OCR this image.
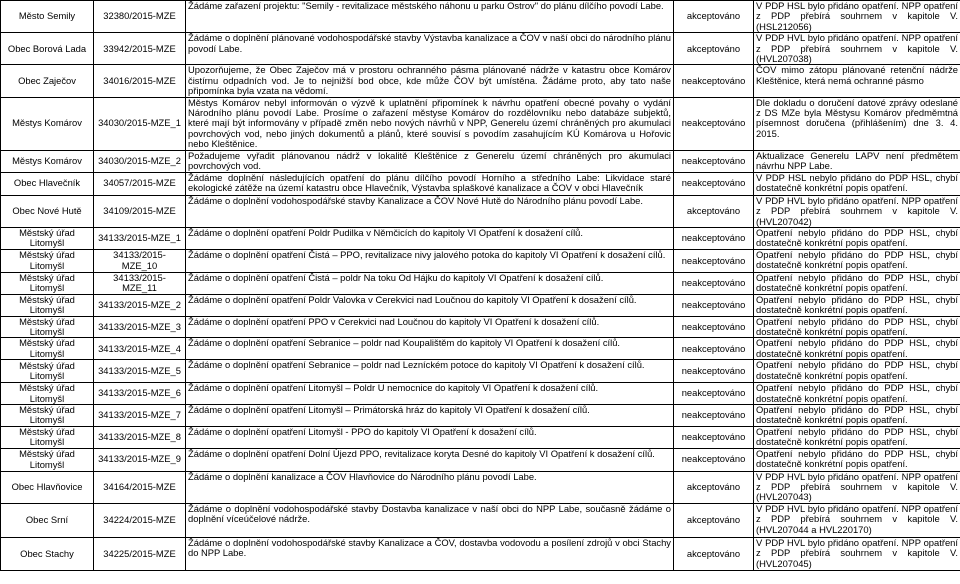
Město Semily	32380/2015-MZE	Žádáme zařazení projektu: "Semily - revitalizace městského náhonu u parku Ostrov" do plánu dílčího povodí Labe.	akceptováno	V PDP HSL bylo přidáno opatření. NPP opatření z PDP přebírá souhrnem v kapitole V. (HSL212056)

Obec Borová Lada	33942/2015-MZE	Žádáme o doplnění plánované vodohospodářské stavby Výstavba kanalizace a ČOV v naší obci do národního plánu povodí Labe.	akceptováno	V PDP HVL bylo přidáno opatření. NPP opatření z PDP přebírá souhrnem v kapitole V. (HVL207038)

Obec Zaječov	34016/2015-MZE	Upozorňujeme, že Obec Zaječov má v prostoru ochranného pásma plánované nádrže v katastru obce Komárov čistírnu odpadních vod. Je to nejnižší bod obce, kde může ČOV být umístěna. Žádáme proto, aby tato naše připomínka byla vzata na vědomí.	neakceptováno	ČOV mimo zátopu plánované retenční nádrže Kleštěnice, která nemá ochranné pásmo

Městys Komárov	34030/2015-MZE_1	Městys Komárov nebyl informován o výzvě k uplatnění připomínek k návrhu opatření obecné povahy o vydání Národního plánu povodí Labe. Prosíme o zařazení městyse Komárov do rozdělovníku nebo databáze subjektů, které mají být informovány v případě změn nebo nových návrhů v NPP, Generelu území chráněných pro akumulaci povrchových vod, nebo jiných dokumentů a plánů, které souvisí s povodím zasahujícím KÚ Komárova u Hořovic nebo Kleštěnice.	neakceptováno	Dle dokladu o doručení datové zprávy odeslané z DS MZe byla Městysu Komárov předměmtná písemnost doručena (přihlášením) dne 3. 4. 2015.

Městys Komárov	34030/2015-MZE_2	Požadujeme vyřadit plánovanou nádrž v lokalitě Kleštěnice z Generelu území chráněných pro akumulaci povrchových vod.	neakceptováno	Aktualizace Generelu LAPV není předmětem návrhu NPP Labe.

Obec Hlavečník	34057/2015-MZE	Žádáme doplnění následujících opatření do plánu dílčího povodí Horního a středního Labe: Likvidace staré ekologické zátěže na území katastru obce Hlavečník, Výstavba splaškové kanalizace a ČOV v obci Hlavečník	neakceptováno	V PDP HSL nebylo přidáno do PDP HSL, chybí dostatečně konkrétní popis opatření.

Obec Nové Hutě	34109/2015-MZE	Žádáme o doplnění vodohospodářské stavby Kanalizace a ČOV Nové Hutě do Národního plánu povodí Labe.	akceptováno	V PDP HVL bylo přidáno opatření. NPP opatření z PDP přebírá souhrnem v kapitole V. (HVL207042)

Městský úřad Litomyšl	34133/2015-MZE_1	Žádáme o doplnění opatření Poldr Pudilka v Němčicích do kapitoly VI Opatření k dosažení cílů.	neakceptováno	Opatření nebylo přidáno do PDP HSL, chybí dostatečně konkrétní popis opatření.

Městský úřad Litomyšl	34133/2015-MZE_10	Žádáme o doplnění opatření Čistá – PPO, revitalizace nivy jalového potoka do kapitoly VI Opatření k dosažení cílů.	neakceptováno	Opatření nebylo přidáno do PDP HSL, chybí dostatečně konkrétní popis opatření.

Městský úřad Litomyšl	34133/2015-MZE_11	Žádáme o doplnění opatření Čistá – poldr Na toku Od Hájku do kapitoly VI Opatření k dosažení cílů.	neakceptováno	Opatření nebylo přidáno do PDP HSL, chybí dostatečně konkrétní popis opatření.

Městský úřad Litomyšl	34133/2015-MZE_2	Žádáme o doplnění opatření Poldr Valovka v Cerekvici nad Loučnou do kapitoly VI Opatření k dosažení cílů.	neakceptováno	Opatření nebylo přidáno do PDP HSL, chybí dostatečně konkrétní popis opatření.

Městský úřad Litomyšl	34133/2015-MZE_3	Žádáme o doplnění opatření PPO v Cerekvici nad Loučnou do kapitoly VI Opatření k dosažení cílů.	neakceptováno	Opatření nebylo přidáno do PDP HSL, chybí dostatečně konkrétní popis opatření.

Městský úřad Litomyšl	34133/2015-MZE_4	Žádáme o doplnění opatření Sebranice – poldr nad Koupalištěm do kapitoly VI Opatření k dosažení cílů.	neakceptováno	Opatření nebylo přidáno do PDP HSL, chybí dostatečně konkrétní popis opatření.

Městský úřad Litomyšl	34133/2015-MZE_5	Žádáme o doplnění opatření Sebranice – poldr nad Lezníckém potoce do kapitoly VI Opatření k dosažení cílů.	neakceptováno	Opatření nebylo přidáno do PDP HSL, chybí dostatečně konkrétní popis opatření.

Městský úřad Litomyšl	34133/2015-MZE_6	Žádáme o doplnění opatření Litomyšl – Poldr U nemocnice do kapitoly VI Opatření k dosažení cílů.	neakceptováno	Opatření nebylo přidáno do PDP HSL, chybí dostatečně konkrétní popis opatření.

Městský úřad Litomyšl	34133/2015-MZE_7	Žádáme o doplnění opatření Litomyšl – Primátorská hráz do kapitoly VI Opatření k dosažení cílů.	neakceptováno	Opatření nebylo přidáno do PDP HSL, chybí dostatečně konkrétní popis opatření.

Městský úřad Litomyšl	34133/2015-MZE_8	Žádáme o doplnění opatření Litomyšl - PPO do kapitoly VI Opatření k dosažení cílů.	neakceptováno	Opatření nebylo přidáno do PDP HSL, chybí dostatečně konkrétní popis opatření.

Městský úřad Litomyšl	34133/2015-MZE_9	Žádáme o doplnění opatření Dolní Újezd PPO, revitalizace koryta Desné do kapitoly VI Opatření k dosažení cílů.	neakceptováno	Opatření nebylo přidáno do PDP HSL, chybí dostatečně konkrétní popis opatření.

Obec Hlavňovice	34164/2015-MZE	Žádáme o doplnění kanalizace a ČOV Hlavňovice do Národního plánu povodí Labe.	akceptováno	V PDP HVL bylo přidáno opatření. NPP opatření z PDP přebírá souhrnem v kapitole V. (HVL207043)

Obec Srní	34224/2015-MZE	Žádáme o doplnění vodohospodářské stavby Dostavba kanalizace v naší obci do NPP Labe, současně žádáme o doplnění víceúčelové nádrže.	akceptováno	V PDP HVL bylo přidáno opatření. NPP opatření z PDP přebírá souhrnem v kapitole V. (HVL207044 a HVL220170)

Obec Stachy	34225/2015-MZE	Žádáme o doplnění vodohospodářské stavby Kanalizace a ČOV, dostavba vodovodu a posílení zdrojů v obci Stachy do NPP Labe.	akceptováno	V PDP HVL bylo přidáno opatření. NPP opatření z PDP přebírá souhrnem v kapitole V. (HVL207045)
